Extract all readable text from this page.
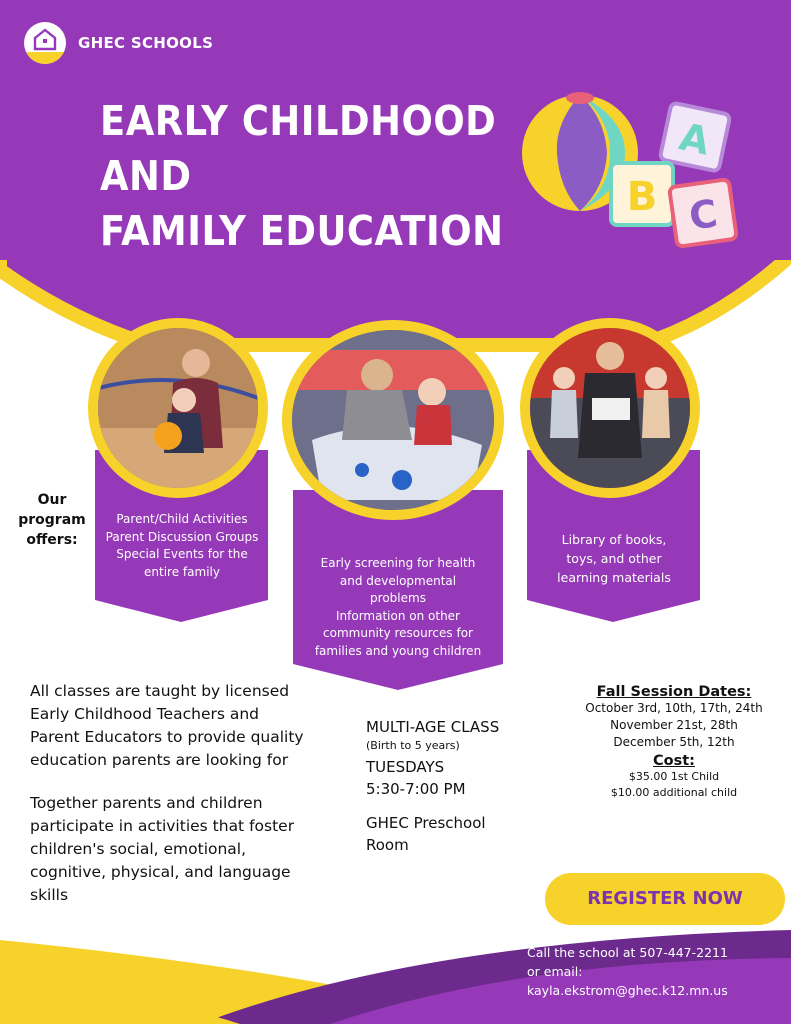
GHEC SCHOOLS
EARLY CHILDHOOD
AND
FAMILY EDUCATION
A
B C
Our
program
offers:
Parent/Child Activities
Parent Discussion Groups
Special Events for the
entire family
Early screening for health
and developmental
problems
Information on other
community resources for
families and young children
Library of books,
toys, and other
learning materials
All classes are taught by licensed
Early Childhood Teachers and
Parent Educators to provide quality
education parents are looking for
Together parents and children
participate in activities that foster
children's social, emotional,
cognitive, physical, and language
skills
MULTI-AGE CLASS
(Birth to 5 years)
TUESDAYS
5:30-7:00 PM
GHEC Preschool
Room
Fall Session Dates:
October 3rd, 10th, 17th, 24th
November 21st, 28th
December 5th, 12th
Cost:
$35.00 1st Child
$10.00 additional child
REGISTER NOW
Call the school at 507-447-2211
or email:
kayla.ekstrom@ghec.k12.mn.us
